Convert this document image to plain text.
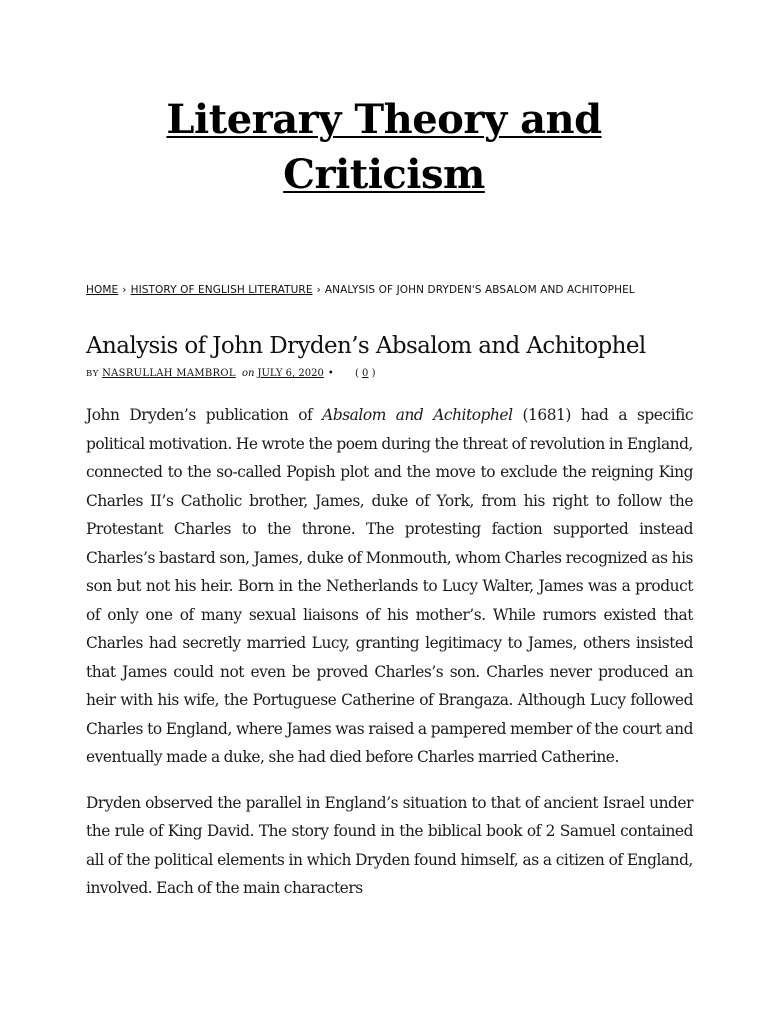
Literary Theory and
Criticism
HOME › HISTORY OF ENGLISH LITERATURE › ANALYSIS OF JOHN DRYDEN'S ABSALOM AND ACHITOPHEL
Analysis of John Dryden’s Absalom and Achitophel
BY NASRULLAH MAMBROL on JULY 6, 2020 • ( 0 )

John Dryden’s publication of Absalom and Achitophel (1681) had a specific political motivation. He wrote the poem during the threat of revolution in England, connected to the so-called Popish plot and the move to exclude the reigning King Charles II’s Catholic brother, James, duke of York, from his right to follow the Protestant Charles to the throne. The protesting faction supported instead Charles’s bastard son, James, duke of Monmouth, whom Charles recognized as his son but not his heir. Born in the Netherlands to Lucy Walter, James was a product of only one of many sexual liaisons of his mother’s. While rumors existed that Charles had secretly married Lucy, granting legitimacy to James, others insisted that James could not even be proved Charles’s son. Charles never produced an heir with his wife, the Portuguese Catherine of Brangaza. Although Lucy followed Charles to England, where James was raised a pampered member of the court and eventually made a duke, she had died before Charles married Catherine.

Dryden observed the parallel in England’s situation to that of ancient Israel under the rule of King David. The story found in the biblical book of 2 Samuel contained all of the political elements in which Dryden found himself, as a citizen of England, involved. Each of the main characters
